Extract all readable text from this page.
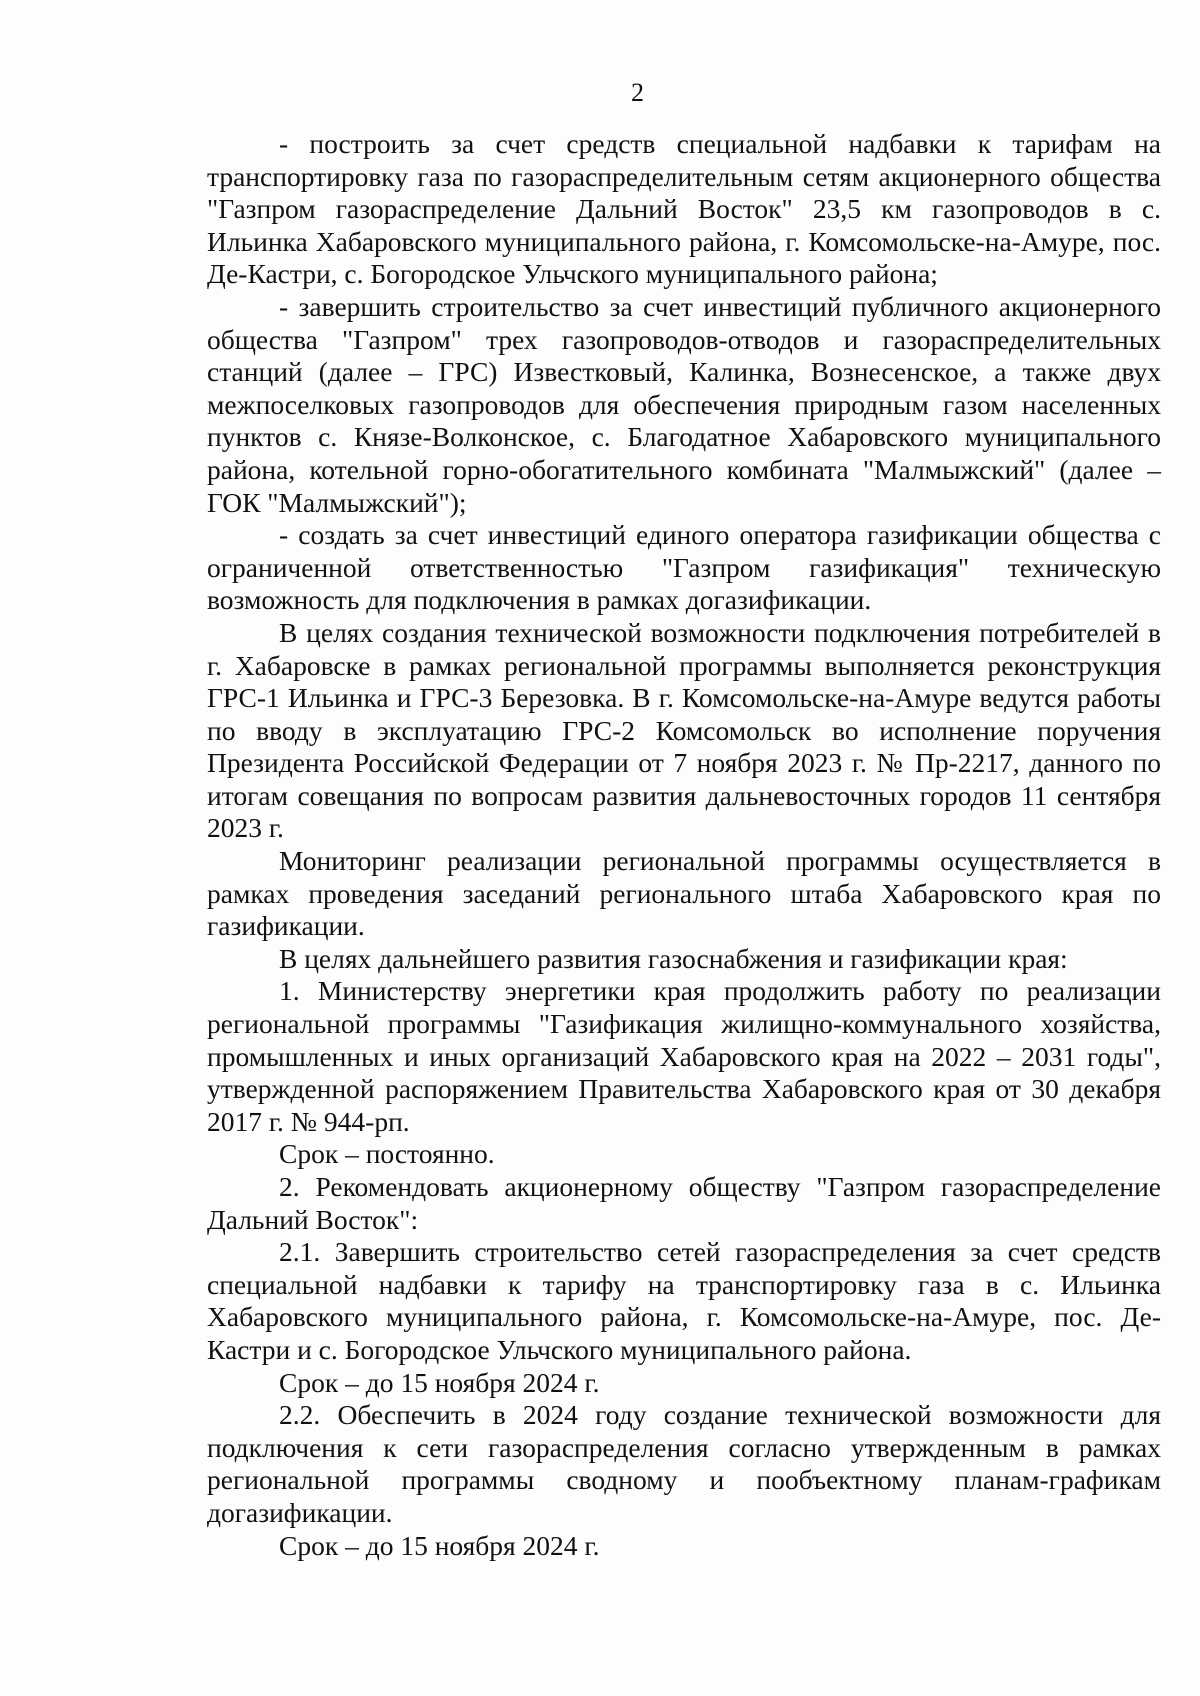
2

- построить за счет средств специальной надбавки к тарифам на транспортировку газа по газораспределительным сетям акционерного общества "Газпром газораспределение Дальний Восток" 23,5 км газопроводов в с. Ильинка Хабаровского муниципального района, г. Комсомольске-на-Амуре, пос. Де-Кастри, с. Богородское Ульчского муниципального района;

- завершить строительство за счет инвестиций публичного акционерного общества "Газпром" трех газопроводов-отводов и газораспределительных станций (далее – ГРС) Известковый, Калинка, Вознесенское, а также двух межпоселковых газопроводов для обеспечения природным газом населенных пунктов с. Князе-Волконское, с. Благодатное Хабаровского муниципального района, котельной горно-обогатительного комбината "Малмыжский" (далее – ГОК "Малмыжский");

- создать за счет инвестиций единого оператора газификации общества с ограниченной ответственностью "Газпром газификация" техническую возможность для подключения в рамках догазификации.

В целях создания технической возможности подключения потребителей в г. Хабаровске в рамках региональной программы выполняется реконструкция ГРС-1 Ильинка и ГРС-3 Березовка. В г. Комсомольске-на-Амуре ведутся работы по вводу в эксплуатацию ГРС-2 Комсомольск во исполнение поручения Президента Российской Федерации от 7 ноября 2023 г. № Пр-2217, данного по итогам совещания по вопросам развития дальневосточных городов 11 сентября 2023 г.

Мониторинг реализации региональной программы осуществляется в рамках проведения заседаний регионального штаба Хабаровского края по газификации.

В целях дальнейшего развития газоснабжения и газификации края:

1. Министерству энергетики края продолжить работу по реализации региональной программы "Газификация жилищно-коммунального хозяйства, промышленных и иных организаций Хабаровского края на 2022 – 2031 годы", утвержденной распоряжением Правительства Хабаровского края от 30 декабря 2017 г. № 944-рп.

Срок – постоянно.

2. Рекомендовать акционерному обществу "Газпром газораспределение Дальний Восток":

2.1. Завершить строительство сетей газораспределения за счет средств специальной надбавки к тарифу на транспортировку газа в с. Ильинка Хабаровского муниципального района, г. Комсомольске-на-Амуре, пос. Де-Кастри и с. Богородское Ульчского муниципального района.

Срок – до 15 ноября 2024 г.

2.2. Обеспечить в 2024 году создание технической возможности для подключения к сети газораспределения согласно утвержденным в рамках региональной программы сводному и пообъектному планам-графикам догазификации.

Срок – до 15 ноября 2024 г.
